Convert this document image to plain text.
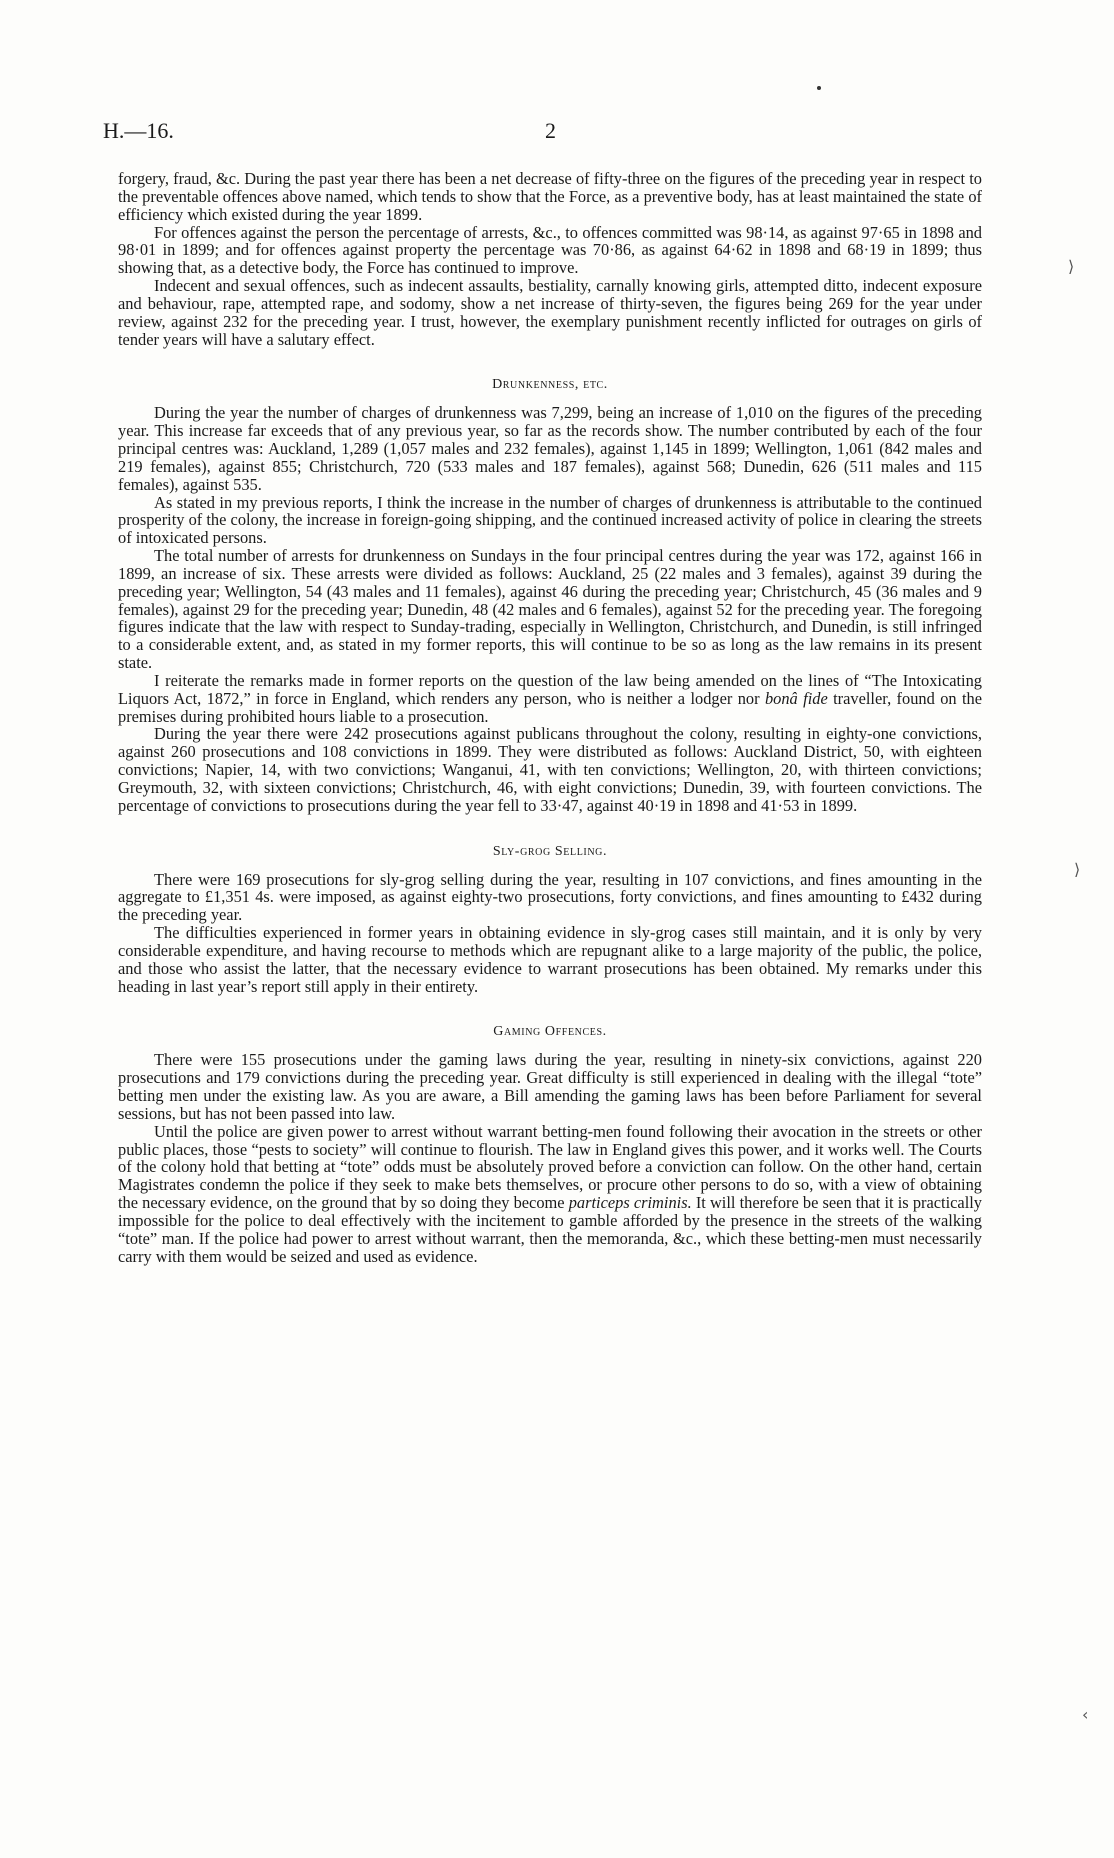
H.—16.	2
⟩
⟩
‹

forgery, fraud, &c. During the past year there has been a net decrease of fifty-three on the figures of the preceding year in respect to the preventable offences above named, which tends to show that the Force, as a preventive body, has at least maintained the state of efficiency which existed during the year 1899.

For offences against the person the percentage of arrests, &c., to offences committed was 98·14, as against 97·65 in 1898 and 98·01 in 1899; and for offences against property the percentage was 70·86, as against 64·62 in 1898 and 68·19 in 1899; thus showing that, as a detective body, the Force has continued to improve.

Indecent and sexual offences, such as indecent assaults, bestiality, carnally knowing girls, attempted ditto, indecent exposure and behaviour, rape, attempted rape, and sodomy, show a net increase of thirty-seven, the figures being 269 for the year under review, against 232 for the preceding year. I trust, however, the exemplary punishment recently inflicted for outrages on girls of tender years will have a salutary effect.

Drunkenness, etc.

During the year the number of charges of drunkenness was 7,299, being an increase of 1,010 on the figures of the preceding year. This increase far exceeds that of any previous year, so far as the records show. The number contributed by each of the four principal centres was: Auckland, 1,289 (1,057 males and 232 females), against 1,145 in 1899; Wellington, 1,061 (842 males and 219 females), against 855; Christchurch, 720 (533 males and 187 females), against 568; Dunedin, 626 (511 males and 115 females), against 535.

As stated in my previous reports, I think the increase in the number of charges of drunkenness is attributable to the continued prosperity of the colony, the increase in foreign-going shipping, and the continued increased activity of police in clearing the streets of intoxicated persons.

The total number of arrests for drunkenness on Sundays in the four principal centres during the year was 172, against 166 in 1899, an increase of six. These arrests were divided as follows: Auckland, 25 (22 males and 3 females), against 39 during the preceding year; Wellington, 54 (43 males and 11 females), against 46 during the preceding year; Christchurch, 45 (36 males and 9 females), against 29 for the preceding year; Dunedin, 48 (42 males and 6 females), against 52 for the preceding year. The foregoing figures indicate that the law with respect to Sunday-trading, especially in Wellington, Christchurch, and Dunedin, is still infringed to a considerable extent, and, as stated in my former reports, this will continue to be so as long as the law remains in its present state.

I reiterate the remarks made in former reports on the question of the law being amended on the lines of “The Intoxicating Liquors Act, 1872,” in force in England, which renders any person, who is neither a lodger nor bonâ fide traveller, found on the premises during prohibited hours liable to a prosecution.

During the year there were 242 prosecutions against publicans throughout the colony, resulting in eighty-one convictions, against 260 prosecutions and 108 convictions in 1899. They were distributed as follows: Auckland District, 50, with eighteen convictions; Napier, 14, with two convictions; Wanganui, 41, with ten convictions; Wellington, 20, with thirteen convictions; Greymouth, 32, with sixteen convictions; Christchurch, 46, with eight convictions; Dunedin, 39, with fourteen convictions. The percentage of convictions to prosecutions during the year fell to 33·47, against 40·19 in 1898 and 41·53 in 1899.

Sly-grog Selling.

There were 169 prosecutions for sly-grog selling during the year, resulting in 107 convictions, and fines amounting in the aggregate to £1,351 4s. were imposed, as against eighty-two prosecutions, forty convictions, and fines amounting to £432 during the preceding year.

The difficulties experienced in former years in obtaining evidence in sly-grog cases still maintain, and it is only by very considerable expenditure, and having recourse to methods which are repugnant alike to a large majority of the public, the police, and those who assist the latter, that the necessary evidence to warrant prosecutions has been obtained. My remarks under this heading in last year’s report still apply in their entirety.

Gaming Offences.

There were 155 prosecutions under the gaming laws during the year, resulting in ninety-six convictions, against 220 prosecutions and 179 convictions during the preceding year. Great difficulty is still experienced in dealing with the illegal “tote” betting men under the existing law. As you are aware, a Bill amending the gaming laws has been before Parliament for several sessions, but has not been passed into law.

Until the police are given power to arrest without warrant betting-men found following their avocation in the streets or other public places, those “pests to society” will continue to flourish. The law in England gives this power, and it works well. The Courts of the colony hold that betting at “tote” odds must be absolutely proved before a conviction can follow. On the other hand, certain Magistrates condemn the police if they seek to make bets themselves, or procure other persons to do so, with a view of obtaining the necessary evidence, on the ground that by so doing they become particeps criminis. It will therefore be seen that it is practically impossible for the police to deal effectively with the incitement to gamble afforded by the presence in the streets of the walking “tote” man. If the police had power to arrest without warrant, then the memoranda, &c., which these betting-men must necessarily carry with them would be seized and used as evidence.
